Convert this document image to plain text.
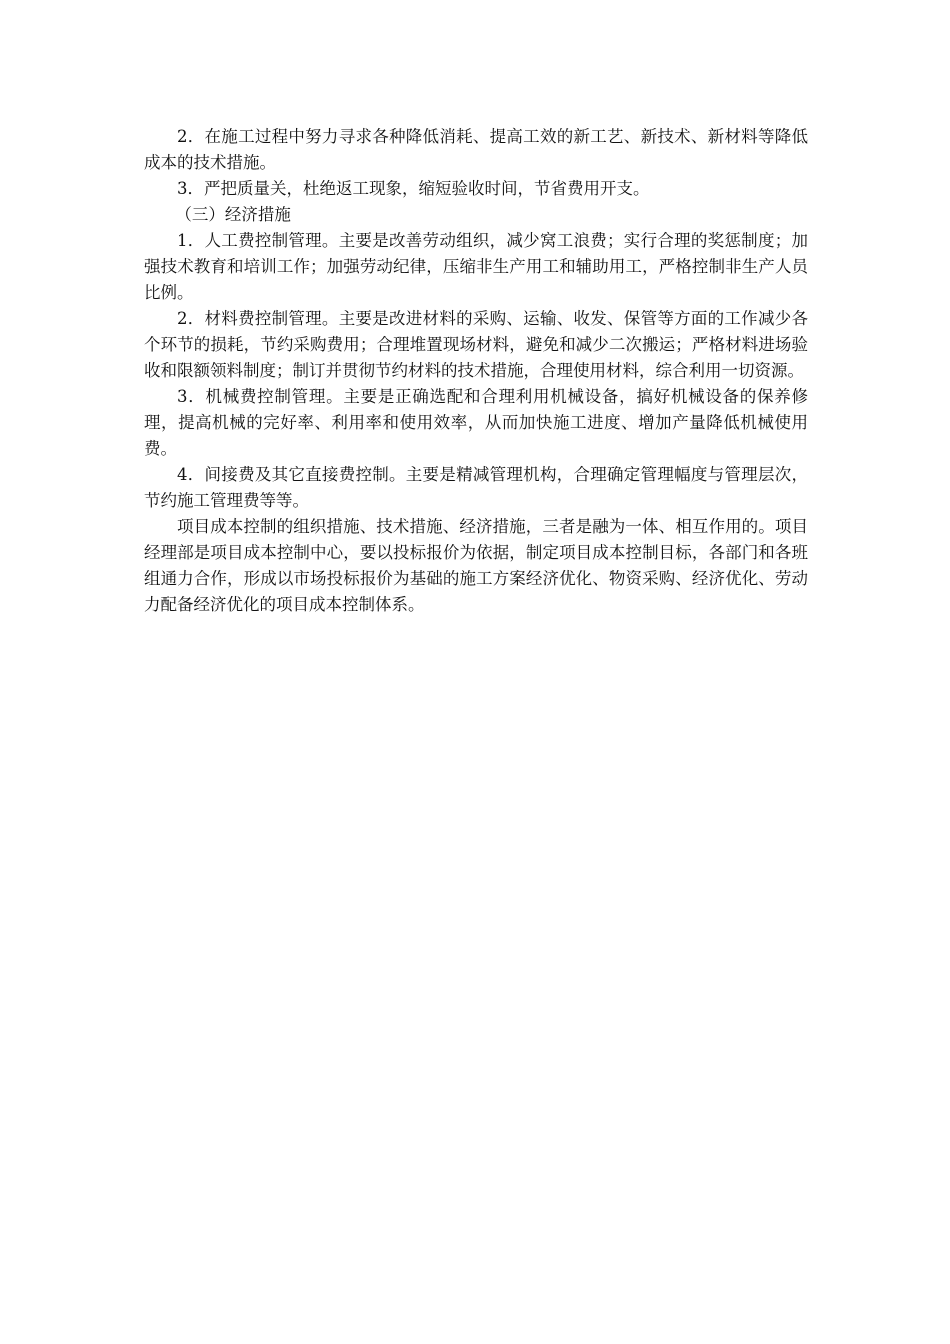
2．在施工过程中努力寻求各种降低消耗、提高工效的新工艺、新技术、新材料等降低成本的技术措施。

3．严把质量关，杜绝返工现象，缩短验收时间，节省费用开支。

（三）经济措施

1．人工费控制管理。主要是改善劳动组织，减少窝工浪费；实行合理的奖惩制度；加强技术教育和培训工作；加强劳动纪律，压缩非生产用工和辅助用工，严格控制非生产人员比例。

2．材料费控制管理。主要是改进材料的采购、运输、收发、保管等方面的工作减少各个环节的损耗，节约采购费用；合理堆置现场材料，避免和减少二次搬运；严格材料进场验收和限额领料制度；制订并贯彻节约材料的技术措施，合理使用材料，综合利用一切资源。

3．机械费控制管理。主要是正确选配和合理利用机械设备，搞好机械设备的保养修理，提高机械的完好率、利用率和使用效率，从而加快施工进度、增加产量降低机械使用费。

4．间接费及其它直接费控制。主要是精减管理机构，合理确定管理幅度与管理层次，节约施工管理费等等。

项目成本控制的组织措施、技术措施、经济措施，三者是融为一体、相互作用的。项目经理部是项目成本控制中心，要以投标报价为依据，制定项目成本控制目标，各部门和各班组通力合作，形成以市场投标报价为基础的施工方案经济优化、物资采购、经济优化、劳动力配备经济优化的项目成本控制体系。
